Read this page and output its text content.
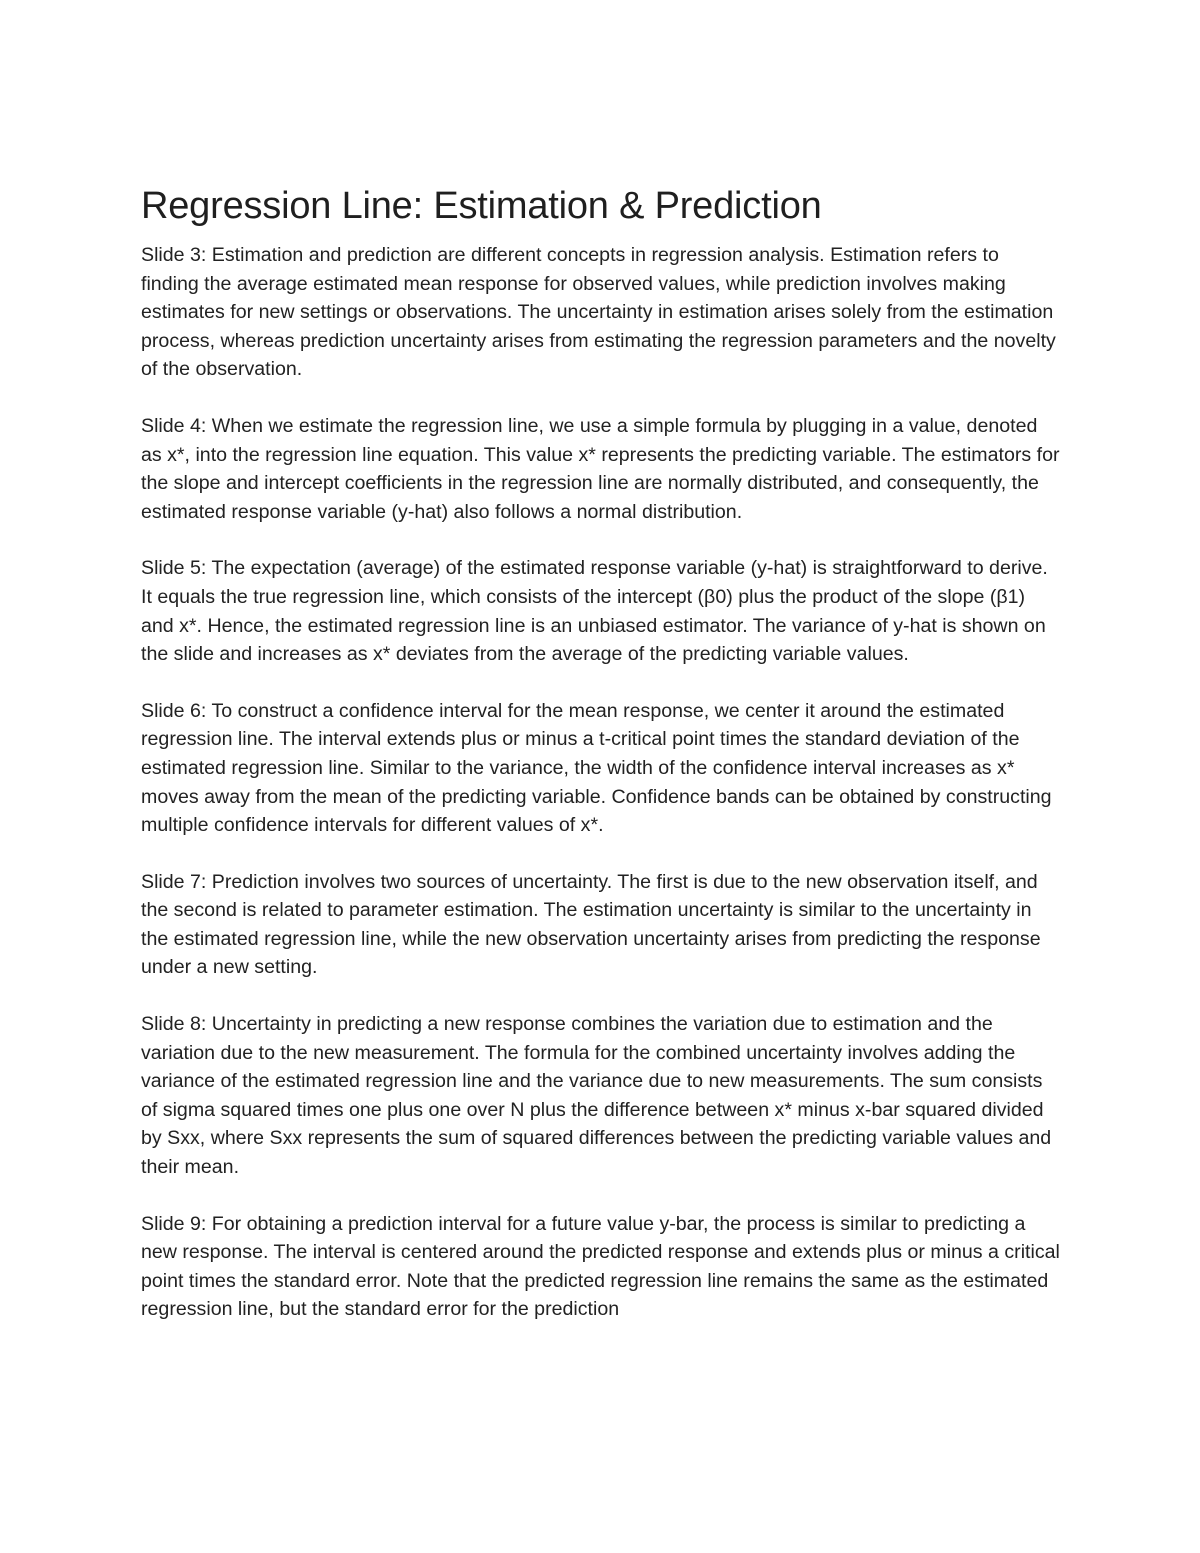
Regression Line: Estimation & Prediction

Slide 3: Estimation and prediction are different concepts in regression analysis. Estimation refers to finding the average estimated mean response for observed values, while prediction involves making estimates for new settings or observations. The uncertainty in estimation arises solely from the estimation process, whereas prediction uncertainty arises from estimating the regression parameters and the novelty of the observation.

Slide 4: When we estimate the regression line, we use a simple formula by plugging in a value, denoted as x*, into the regression line equation. This value x* represents the predicting variable. The estimators for the slope and intercept coefficients in the regression line are normally distributed, and consequently, the estimated response variable (y-hat) also follows a normal distribution.

Slide 5: The expectation (average) of the estimated response variable (y-hat) is straightforward to derive. It equals the true regression line, which consists of the intercept (β0) plus the product of the slope (β1) and x*. Hence, the estimated regression line is an unbiased estimator. The variance of y-hat is shown on the slide and increases as x* deviates from the average of the predicting variable values.

Slide 6: To construct a confidence interval for the mean response, we center it around the estimated regression line. The interval extends plus or minus a t-critical point times the standard deviation of the estimated regression line. Similar to the variance, the width of the confidence interval increases as x* moves away from the mean of the predicting variable. Confidence bands can be obtained by constructing multiple confidence intervals for different values of x*.

Slide 7: Prediction involves two sources of uncertainty. The first is due to the new observation itself, and the second is related to parameter estimation. The estimation uncertainty is similar to the uncertainty in the estimated regression line, while the new observation uncertainty arises from predicting the response under a new setting.

Slide 8: Uncertainty in predicting a new response combines the variation due to estimation and the variation due to the new measurement. The formula for the combined uncertainty involves adding the variance of the estimated regression line and the variance due to new measurements. The sum consists of sigma squared times one plus one over N plus the difference between x* minus x-bar squared divided by Sxx, where Sxx represents the sum of squared differences between the predicting variable values and their mean.

Slide 9: For obtaining a prediction interval for a future value y-bar, the process is similar to predicting a new response. The interval is centered around the predicted response and extends plus or minus a critical point times the standard error. Note that the predicted regression line remains the same as the estimated regression line, but the standard error for the prediction
